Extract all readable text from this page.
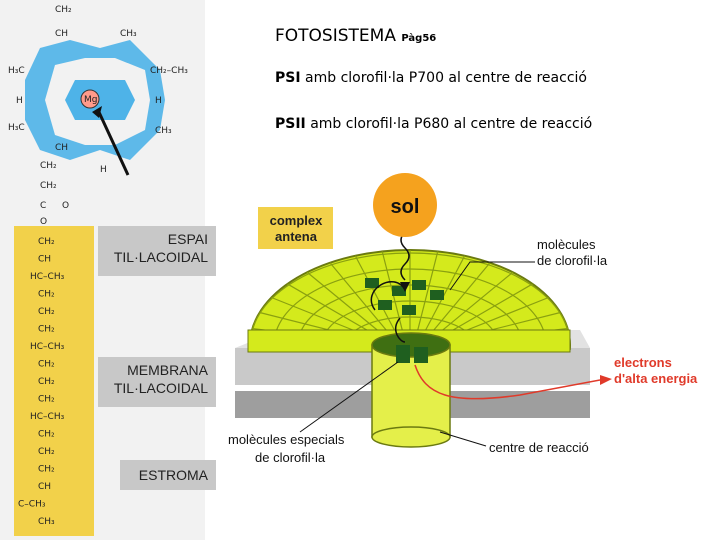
Mg
CH₂
CH	CH₃
H₃C	CH₂–CH₃
H	H
H₃C	CH₃
CH
H
CH₂
CH₂
C O
O
CH₂
CH
HC–CH₃
CH₂
CH₂
CH₂
HC–CH₃
CH₂
CH₂
CH₂
HC–CH₃
CH₂
CH₂
CH₂
CH
C–CH₃
CH₃
FOTOSISTEMA Pàg56
PSI amb clorofil·la P700 al centre de reacció
PSII amb clorofil·la P680 al centre de reacció
sol
complex
antena
molècules
de clorofil·la
electrons
d'alta energia
molècules especials
de clorofil·la
centre de reacció
ESPAI
TIL·LACOIDAL
MEMBRANA
TIL·LACOIDAL
ESTROMA
